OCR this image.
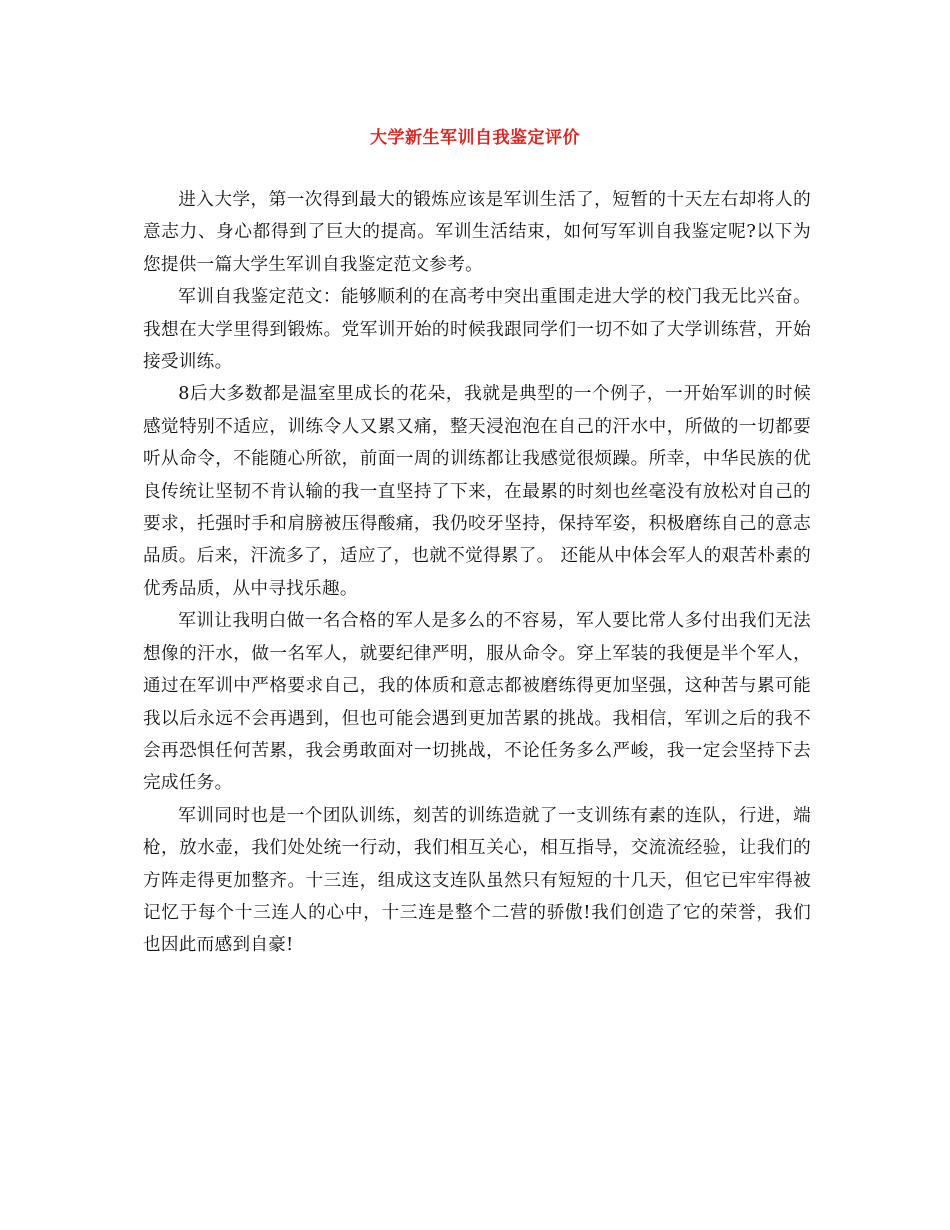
大学新生军训自我鉴定评价

进入大学，第一次得到最大的锻炼应该是军训生活了，短暂的十天左右却将人的意志力、身心都得到了巨大的提高。军训生活结束，如何写军训自我鉴定呢?以下为您提供一篇大学生军训自我鉴定范文参考。

军训自我鉴定范文：能够顺利的在高考中突出重围走进大学的校门我无比兴奋。我想在大学里得到锻炼。党军训开始的时候我跟同学们一切不如了大学训练营，开始接受训练。

8后大多数都是温室里成长的花朵，我就是典型的一个例子，一开始军训的时候感觉特别不适应，训练令人又累又痛，整天浸泡泡在自己的汗水中，所做的一切都要听从命令，不能随心所欲，前面一周的训练都让我感觉很烦躁。所幸，中华民族的优良传统让坚韧不肯认输的我一直坚持了下来，在最累的时刻也丝毫没有放松对自己的要求，托强时手和肩膀被压得酸痛，我仍咬牙坚持，保持军姿，积极磨练自己的意志品质。后来，汗流多了，适应了，也就不觉得累了。 还能从中体会军人的艰苦朴素的优秀品质，从中寻找乐趣。

军训让我明白做一名合格的军人是多么的不容易，军人要比常人多付出我们无法想像的汗水，做一名军人，就要纪律严明，服从命令。穿上军装的我便是半个军人，通过在军训中严格要求自己，我的体质和意志都被磨练得更加坚强，这种苦与累可能我以后永远不会再遇到，但也可能会遇到更加苦累的挑战。我相信，军训之后的我不会再恐惧任何苦累，我会勇敢面对一切挑战，不论任务多么严峻，我一定会坚持下去完成任务。

军训同时也是一个团队训练，刻苦的训练造就了一支训练有素的连队，行进，端枪，放水壶，我们处处统一行动，我们相互关心，相互指导，交流流经验，让我们的方阵走得更加整齐。十三连，组成这支连队虽然只有短短的十几天，但它已牢牢得被记忆于每个十三连人的心中，十三连是整个二营的骄傲!我们创造了它的荣誉，我们也因此而感到自豪!
